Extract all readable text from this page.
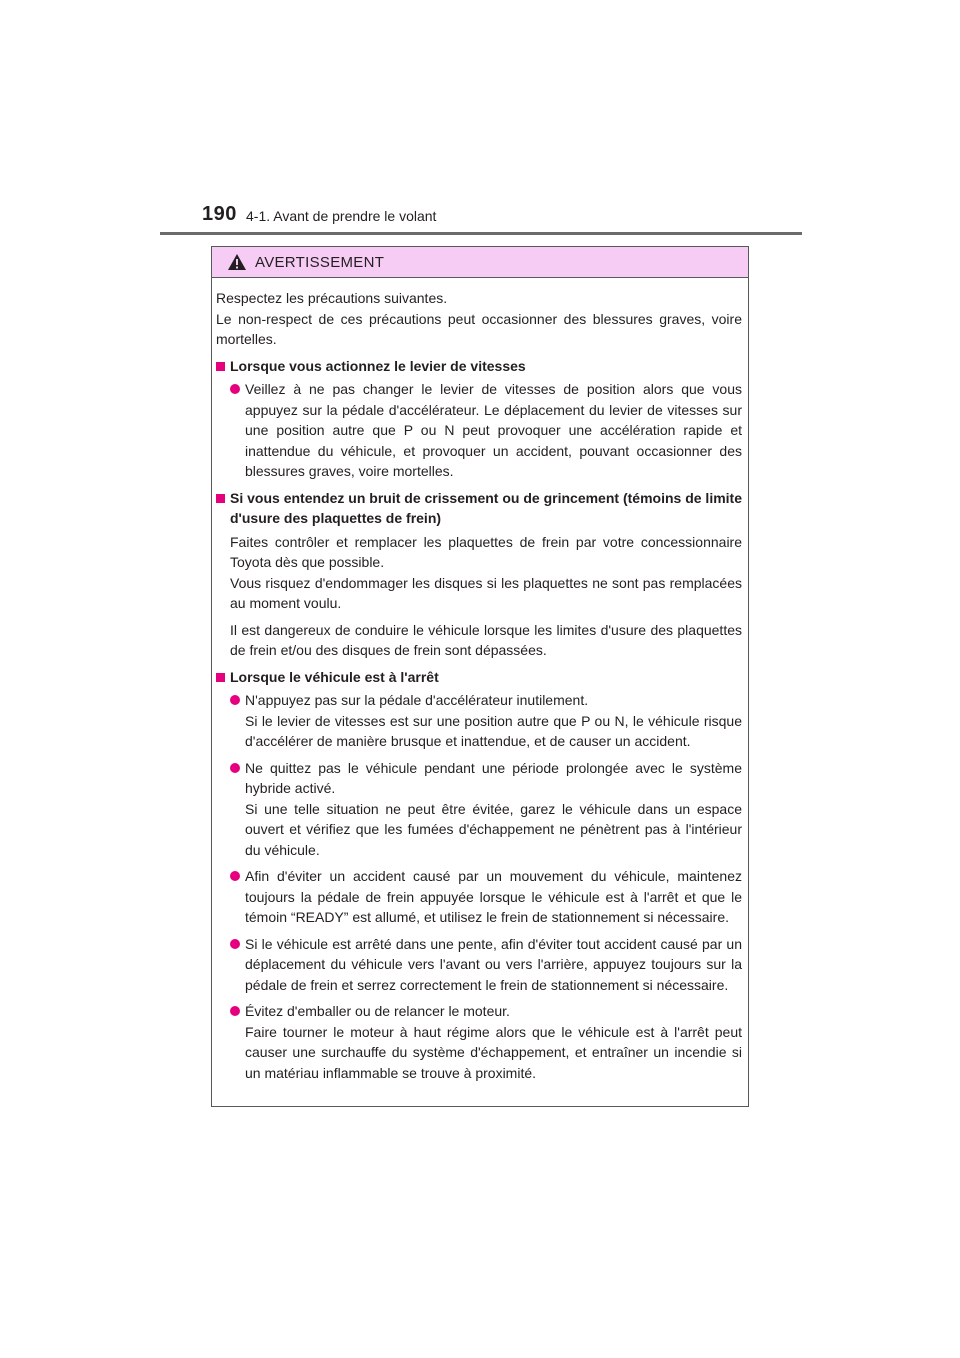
190 4-1. Avant de prendre le volant
AVERTISSEMENT

Respectez les précautions suivantes.
Le non-respect de ces précautions peut occasionner des blessures graves, voire mortelles.

Lorsque vous actionnez le levier de vitesses
Veillez à ne pas changer le levier de vitesses de position alors que vous appuyez sur la pédale d'accélérateur. Le déplacement du levier de vitesses sur une position autre que P ou N peut provoquer une accélération rapide et inattendue du véhicule, et provoquer un accident, pouvant occasionner des blessures graves, voire mortelles.
Si vous entendez un bruit de crissement ou de grincement (témoins de limite d'usure des plaquettes de frein)

Faites contrôler et remplacer les plaquettes de frein par votre concessionnaire Toyota dès que possible.
Vous risquez d'endommager les disques si les plaquettes ne sont pas remplacées au moment voulu.

Il est dangereux de conduire le véhicule lorsque les limites d'usure des plaquettes de frein et/ou des disques de frein sont dépassées.

Lorsque le véhicule est à l'arrêt
N'appuyez pas sur la pédale d'accélérateur inutilement.
Si le levier de vitesses est sur une position autre que P ou N, le véhicule risque d'accélérer de manière brusque et inattendue, et de causer un accident.
Ne quittez pas le véhicule pendant une période prolongée avec le système hybride activé.
Si une telle situation ne peut être évitée, garez le véhicule dans un espace ouvert et vérifiez que les fumées d'échappement ne pénètrent pas à l'intérieur du véhicule.
Afin d'éviter un accident causé par un mouvement du véhicule, maintenez toujours la pédale de frein appuyée lorsque le véhicule est à l'arrêt et que le témoin “READY” est allumé, et utilisez le frein de stationnement si nécessaire.
Si le véhicule est arrêté dans une pente, afin d'éviter tout accident causé par un déplacement du véhicule vers l'avant ou vers l'arrière, appuyez toujours sur la pédale de frein et serrez correctement le frein de stationnement si nécessaire.
Évitez d'emballer ou de relancer le moteur.
Faire tourner le moteur à haut régime alors que le véhicule est à l'arrêt peut causer une surchauffe du système d'échappement, et entraîner un incendie si un matériau inflammable se trouve à proximité.
